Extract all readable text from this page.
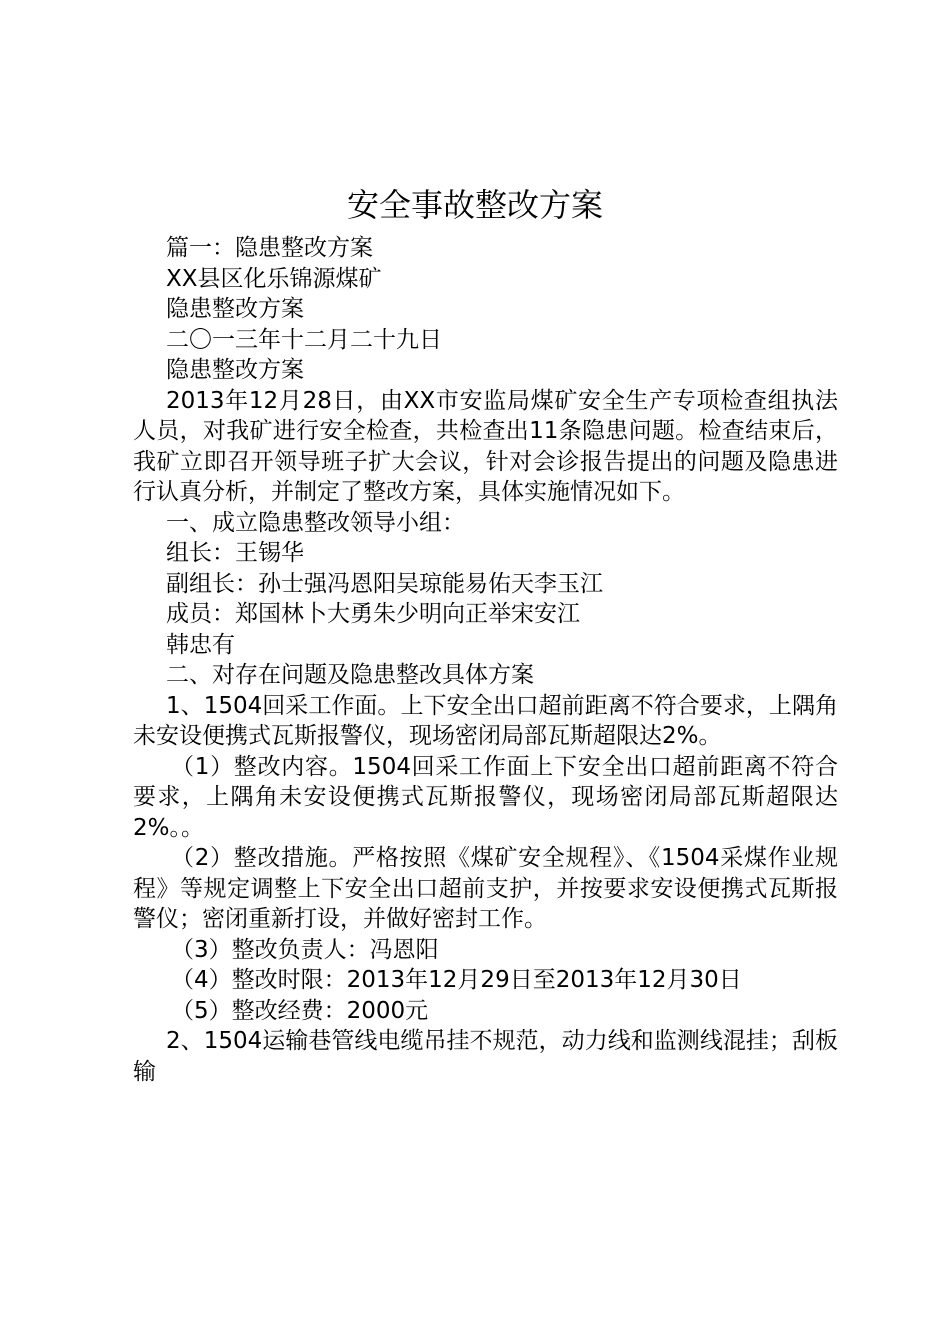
安全事故整改方案

篇一：隐患整改方案

XX县区化乐锦源煤矿

隐患整改方案

二〇一三年十二月二十九日

隐患整改方案

2013年12月28日，由XX市安监局煤矿安全生产专项检查组执法人员，对我矿进行安全检查，共检查出11条隐患问题。检查结束后，我矿立即召开领导班子扩大会议，针对会诊报告提出的问题及隐患进行认真分析，并制定了整改方案，具体实施情况如下。

一、成立隐患整改领导小组：

组长：王锡华

副组长：孙士强冯恩阳吴琼能易佑天李玉江

成员：郑国林卜大勇朱少明向正举宋安江

韩忠有

二、对存在问题及隐患整改具体方案

1、1504回采工作面。上下安全出口超前距离不符合要求，上隅角未安设便携式瓦斯报警仪，现场密闭局部瓦斯超限达2%。

（1）整改内容。1504回采工作面上下安全出口超前距离不符合要求，上隅角未安设便携式瓦斯报警仪，现场密闭局部瓦斯超限达2%。。

（2）整改措施。严格按照《煤矿安全规程》、《1504采煤作业规程》等规定调整上下安全出口超前支护，并按要求安设便携式瓦斯报警仪；密闭重新打设，并做好密封工作。

（3）整改负责人：冯恩阳

（4）整改时限：2013年12月29日至2013年12月30日

（5）整改经费：2000元

2、1504运输巷管线电缆吊挂不规范，动力线和监测线混挂；刮板输
